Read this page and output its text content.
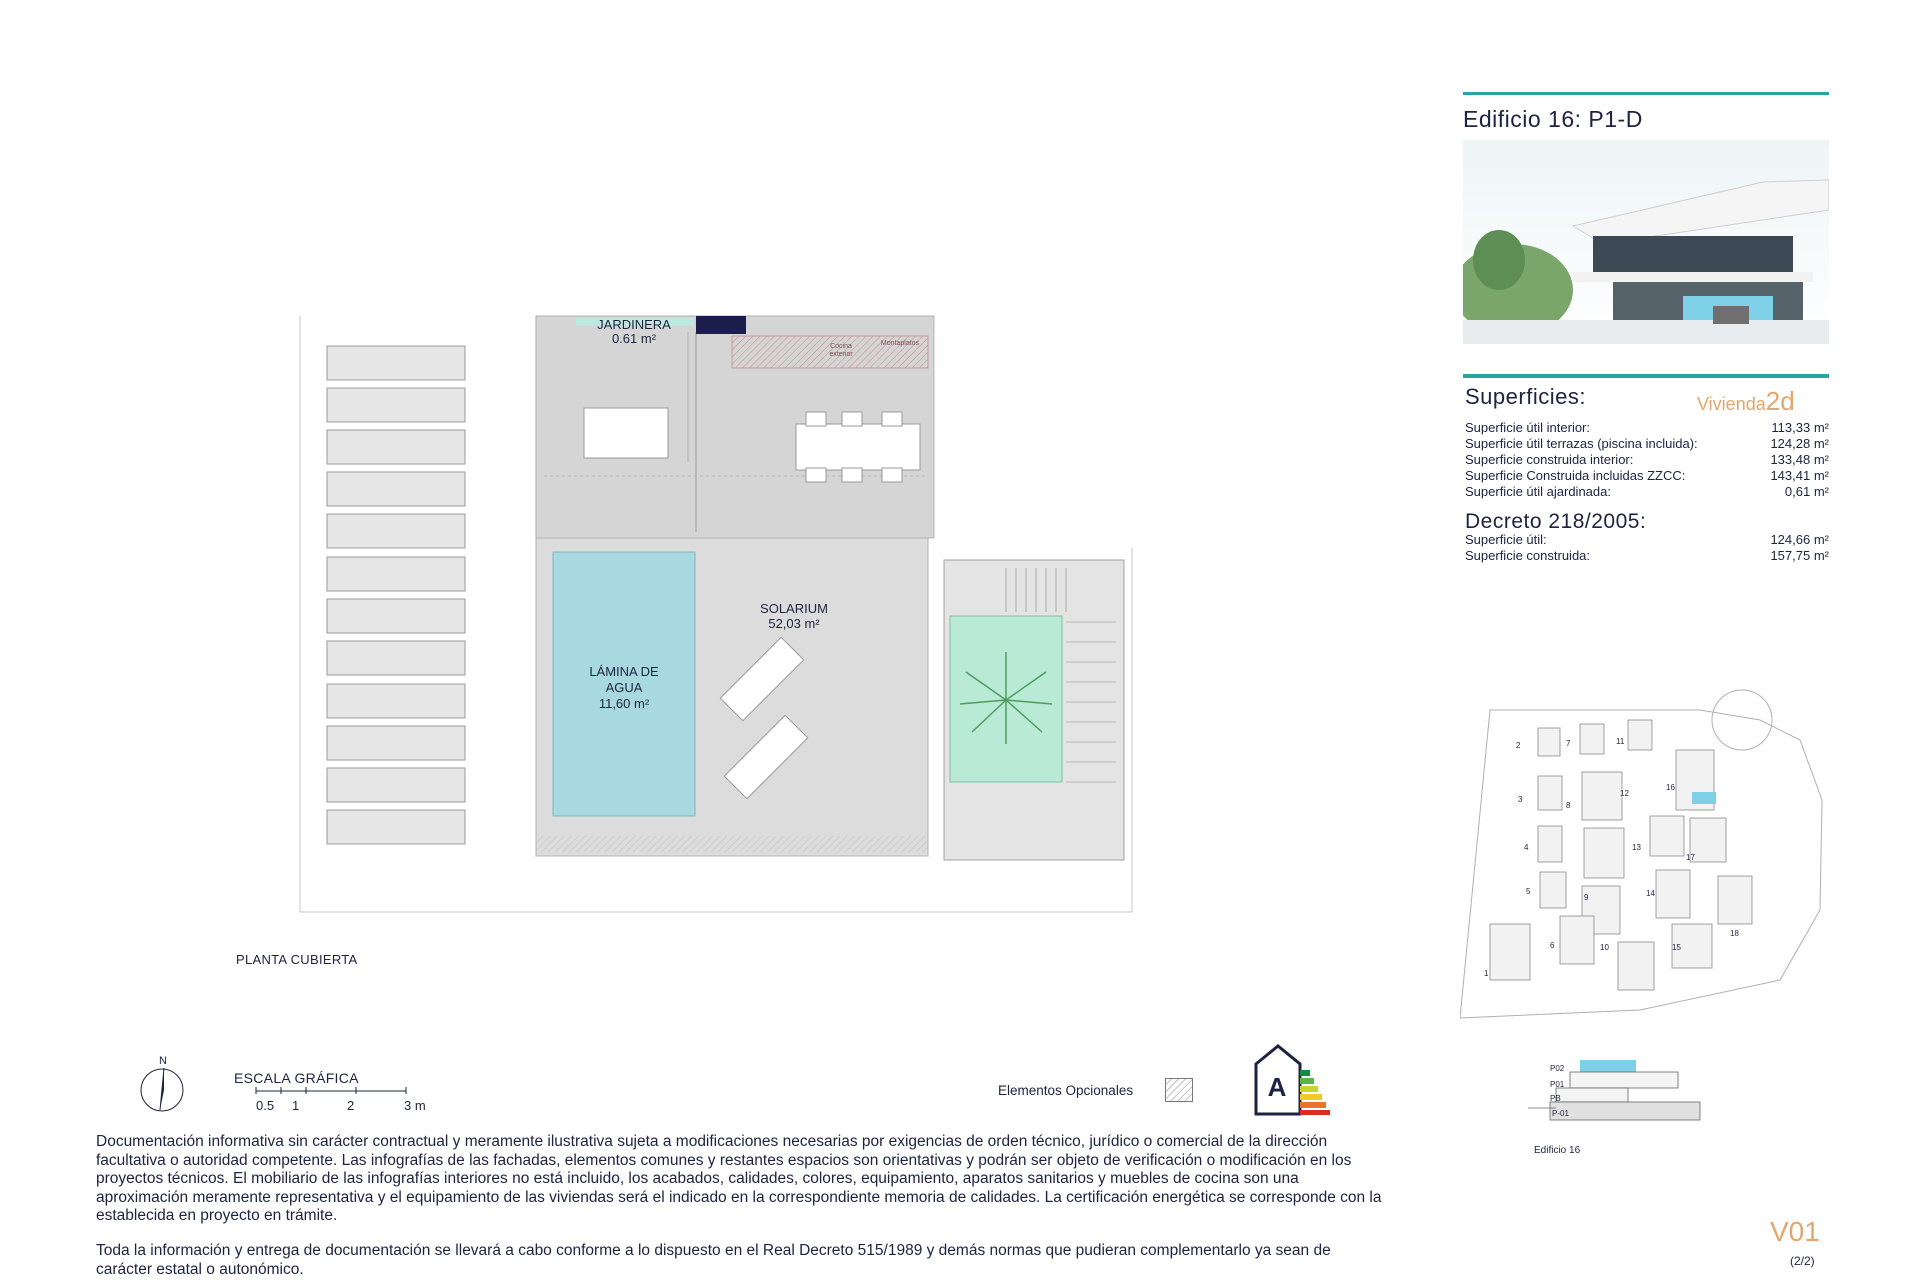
JARDINERA
0.61 m²
Cocina
exterior
Montaplatos
SOLARIUM
52,03 m²
LÁMINA DE
AGUA
11,60 m²
PLANTA CUBIERTA
Edificio 16: P1-D
Superficies:	Vivienda2d
Superficie útil interior:	113,33 m²
Superficie útil terrazas (piscina incluida):	124,28 m²
Superficie construida interior:	133,48 m²
Superficie Construida incluidas ZZCC:	143,41 m²
Superficie útil ajardinada:	0,61 m²
Decreto 218/2005:
Superficie útil:	124,66 m²
Superficie construida:	157,75 m²
2	7	11
3
8
12
16
4	13
17
5
9	14
6	10	15
18
1
P02
P01
PB
P-01
Edificio 16
N
ESCALA GRÁFICA
0.5 1	2	3 m
Elementos Opcionales	A
Documentación informativa sin carácter contractual y meramente ilustrativa sujeta a modificaciones necesarias por exigencias de orden técnico, jurídico o comercial de la dirección facultativa o autoridad competente. Las infografías de las fachadas, elementos comunes y restantes espacios son orientativas y podrán ser objeto de verificación o modificación en los proyectos técnicos. El mobiliario de las infografías interiores no está incluido, los acabados, calidades, colores, equipamiento, aparatos sanitarios y muebles de cocina son una aproximación meramente representativa y el equipamiento de las viviendas será el indicado en la correspondiente memoria de calidades. La certificación energética se corresponde con la establecida en proyecto en trámite.
Toda la información y entrega de documentación se llevará a cabo conforme a lo dispuesto en el Real Decreto 515/1989 y demás normas que pudieran complementarlo ya sean de carácter estatal o autonómico.
V01
(2/2)
